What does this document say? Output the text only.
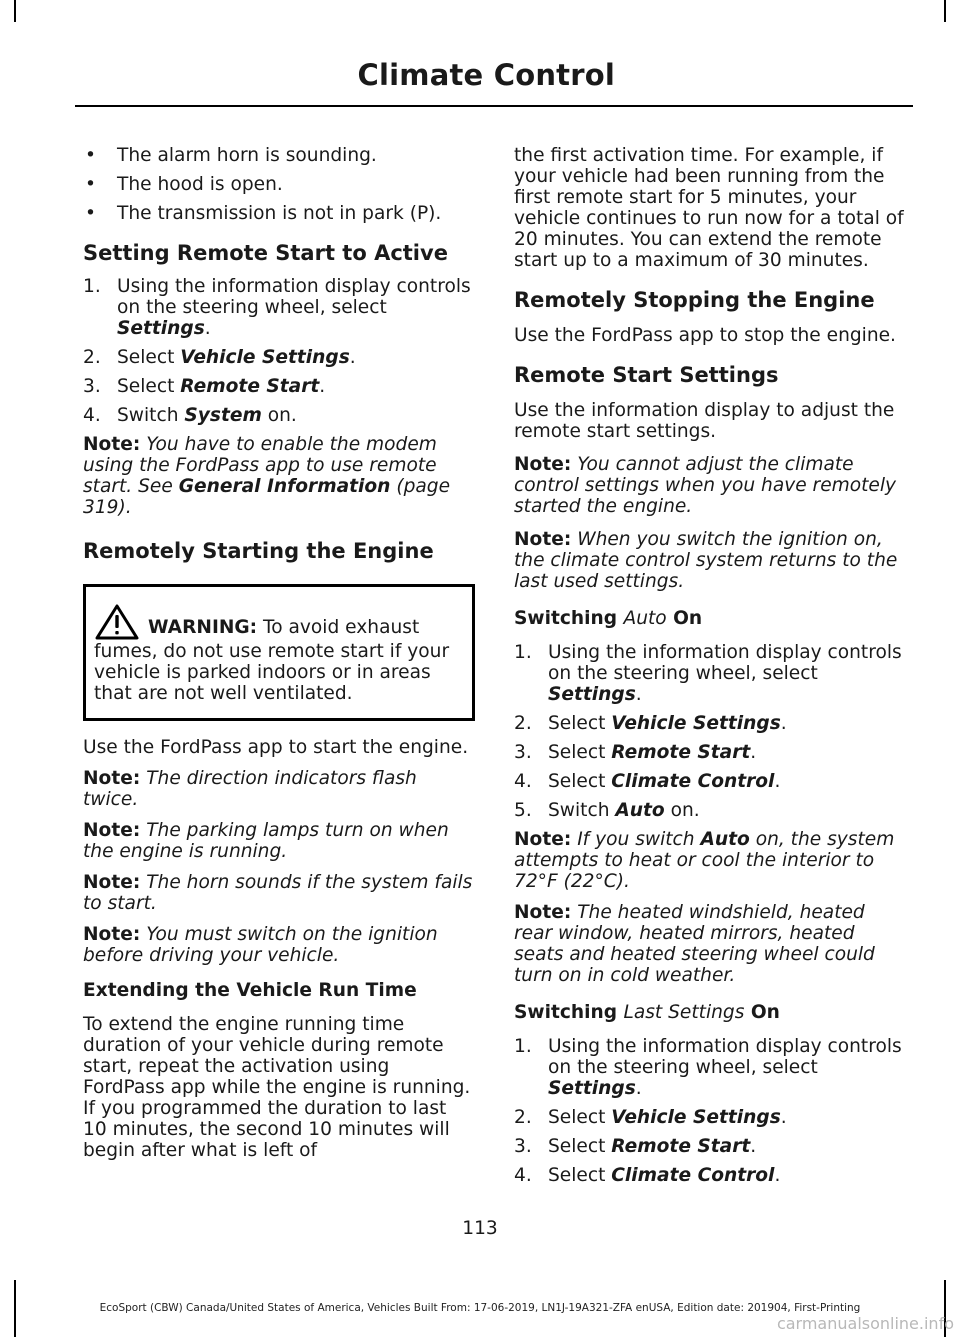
Climate Control
• The alarm horn is sounding.
• The hood is open.
• The transmission is not in park (P).
Setting Remote Start to Active
1. Using the information display controls on the steering wheel, select Settings.
2. Select Vehicle Settings.
3. Select Remote Start.
4. Switch System on.

Note: You have to enable the modem using the FordPass app to use remote start. See General Information (page 319).

Remotely Starting the Engine

WARNING: To avoid exhaust fumes, do not use remote start if your vehicle is parked indoors or in areas that are not well ventilated.

Use the FordPass app to start the engine.

Note: The direction indicators flash twice.

Note: The parking lamps turn on when the engine is running.

Note: The horn sounds if the system fails to start.

Note: You must switch on the ignition before driving your vehicle.

Extending the Vehicle Run Time

To extend the engine running time duration of your vehicle during remote start, repeat the activation using FordPass app while the engine is running. If you programmed the duration to last 10 minutes, the second 10 minutes will begin after what is left of

the first activation time. For example, if your vehicle had been running from the first remote start for 5 minutes, your vehicle continues to run now for a total of 20 minutes. You can extend the remote start up to a maximum of 30 minutes.

Remotely Stopping the Engine

Use the FordPass app to stop the engine.

Remote Start Settings

Use the information display to adjust the remote start settings.

Note: You cannot adjust the climate control settings when you have remotely started the engine.

Note: When you switch the ignition on, the climate control system returns to the last used settings.

Switching Auto On
1. Using the information display controls on the steering wheel, select Settings.
2. Select Vehicle Settings.
3. Select Remote Start.
4. Select Climate Control.
5. Switch Auto on.

Note: If you switch Auto on, the system attempts to heat or cool the interior to 72°F (22°C).

Note: The heated windshield, heated rear window, heated mirrors, heated seats and heated steering wheel could turn on in cold weather.

Switching Last Settings On
1. Using the information display controls on the steering wheel, select Settings.
2. Select Vehicle Settings.
3. Select Remote Start.
4. Select Climate Control.
113
EcoSport (CBW) Canada/United States of America, Vehicles Built From: 17-06-2019, LN1J-19A321-ZFA enUSA, Edition date: 201904, First-Printing
carmanualsonline.info
